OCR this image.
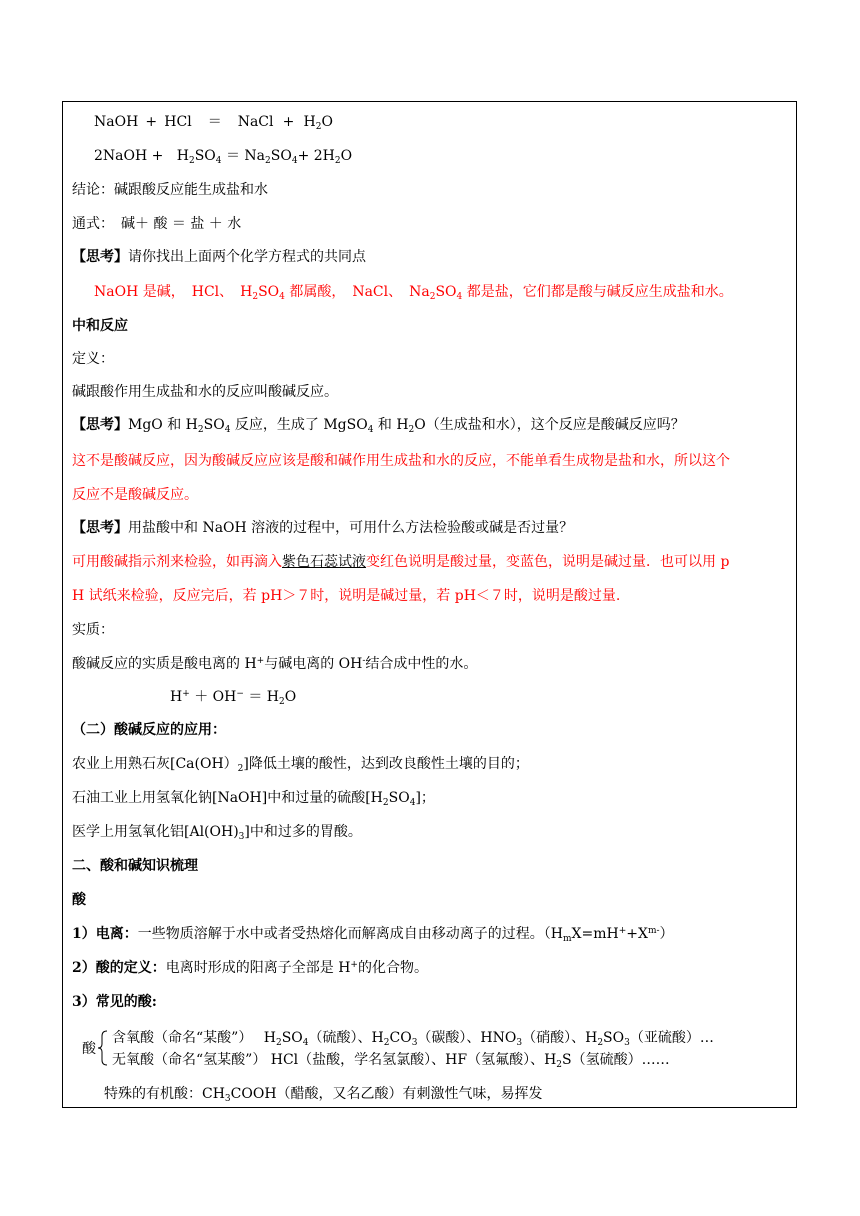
NaOH + HCl ＝ NaCl + $H_2O$
2NaOH + $H_2SO_4 = Na_2SO_4+ 2H_2O$
结论：碱跟酸反应能生成盐和水
通式：　碱＋ 酸 ＝ 盐 ＋ 水
【思考】请你找出上面两个化学方程式的共同点
NaOH 是碱，　HCl、　$H_2SO_4$ 都属酸，　NaCl、　$Na_2SO_4$ 都是盐，它们都是酸与碱反应生成盐和水。
中和反应
定义：
碱跟酸作用生成盐和水的反应叫酸碱反应。
【思考】MgO 和 $H_2SO_4$ 反应，生成了 MgSO$_4$ 和 $H_2O$（生成盐和水），这个反应是酸碱反应吗？
这不是酸碱反应，因为酸碱反应应该是酸和碱作用生成盐和水的反应，不能单看生成物是盐和水，所以这个
反应不是酸碱反应。
【思考】用盐酸中和 NaOH 溶液的过程中，可用什么方法检验酸或碱是否过量？
可用酸碱指示剂来检验，如再滴入紫色石蕊试液变红色说明是酸过量，变蓝色，说明是碱过量．也可以用 p
H 试纸来检验，反应完后，若 pH＞７时，说明是碱过量，若 pH＜７时，说明是酸过量.
实质：
酸碱反应的实质是酸电离的 H+与碱电离的 OH-结合成中性的水。
$H^+ + OH^- = H_2O$
（二）酸碱反应的应用：
农业上用熟石灰$[Ca(OH)_2]$降低土壤的酸性，达到改良酸性土壤的目的；
石油工业上用氢氧化钠[NaOH]中和过量的硫酸$[H_2SO_4]$；
医学上用氢氧化铝$[Al(OH)_3]$中和过多的胃酸。
二、酸和碱知识梳理
酸
1）电离：一些物质溶解于水中或者受热熔化而解离成自由移动离子的过程。$(H_mX=mH^++X^{m-})$
2）酸的定义：电离时形成的阳离子全部是 H+的化合物。
3）常见的酸:
酸
含氧酸（命名“某酸”）　 $H_2SO_4$（硫酸）、$H_2CO_3$（碳酸）、$HNO_3$（硝酸）、$H_2SO_3$（亚硫酸）…
无氧酸（命名“氢某酸”） HCl（盐酸，学名氢氯酸）、HF（氢氟酸）、$H_2S$（氢硫酸）……
特殊的有机酸：$CH_3COOH$（醋酸，又名乙酸）有刺激性气味，易挥发
